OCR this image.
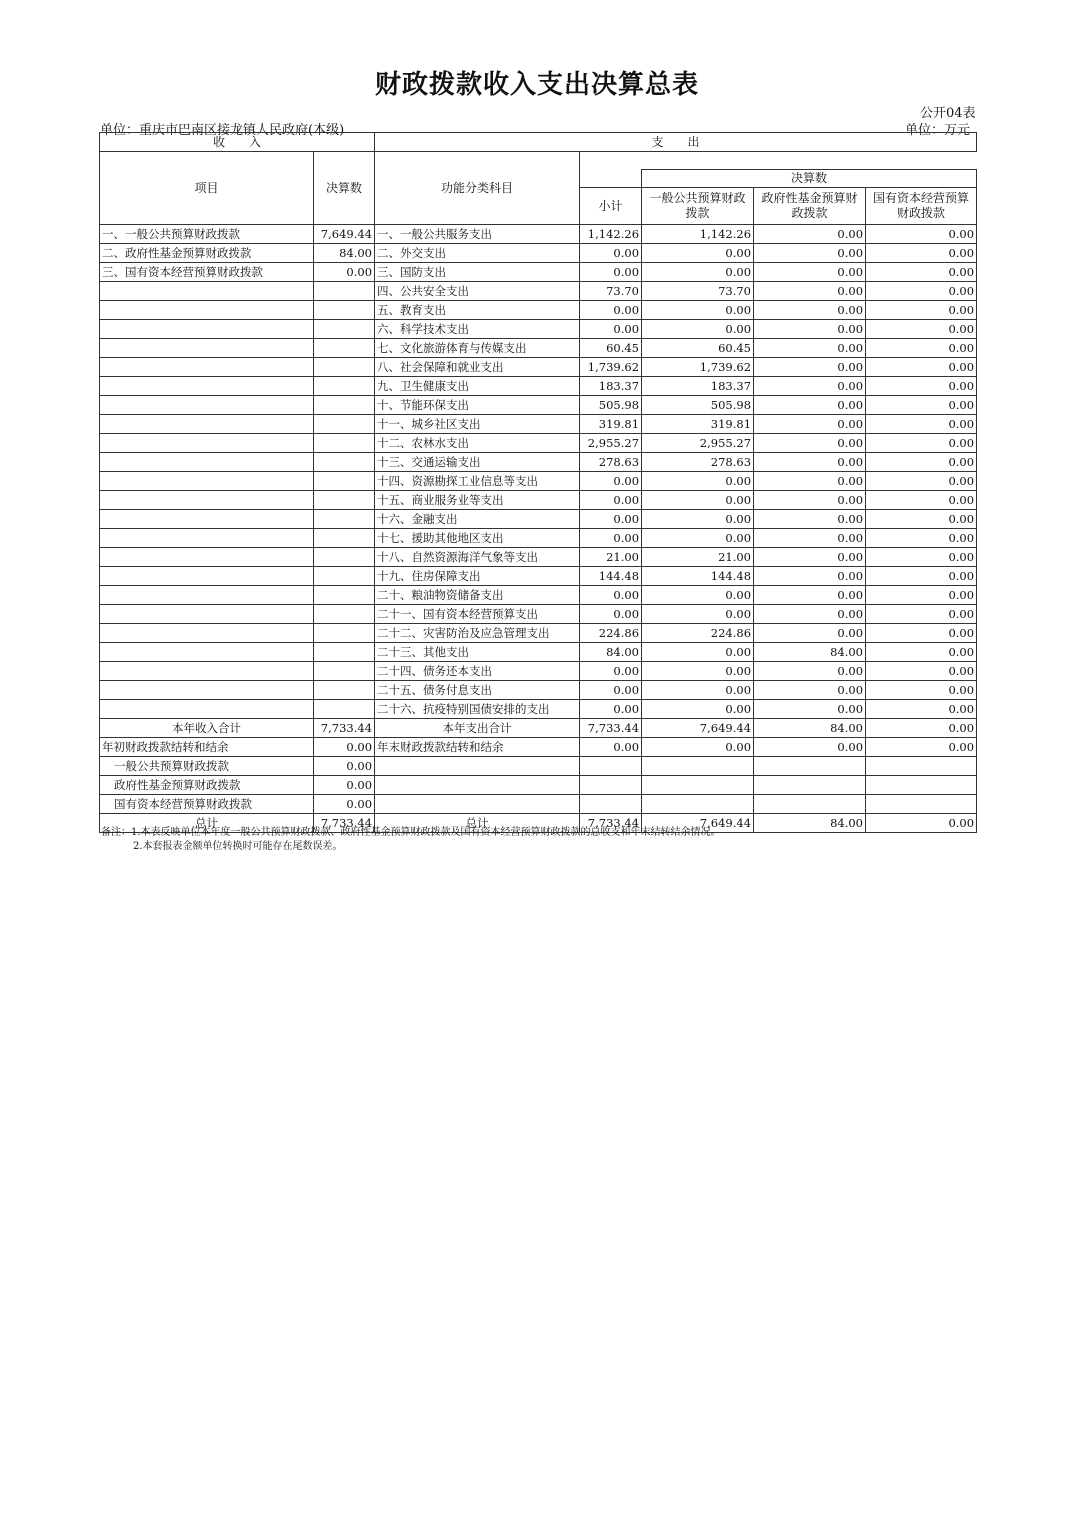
财政拨款收入支出决算总表
公开04表
单位：重庆市巴南区接龙镇人民政府(本级)	单位：万元
收　　入		支　　出				
项目	决算数	功能分类科目				
				决算数		
			小计	一般公共预算财政拨款	政府性基金预算财政拨款	国有资本经营预算财政拨款
一、一般公共预算财政拨款	7,649.44	一、一般公共服务支出	1,142.26	1,142.26	0.00	0.00
二、政府性基金预算财政拨款	84.00	二、外交支出	0.00	0.00	0.00	0.00
三、国有资本经营预算财政拨款	0.00	三、国防支出	0.00	0.00	0.00	0.00
		四、公共安全支出	73.70	73.70	0.00	0.00
		五、教育支出	0.00	0.00	0.00	0.00
		六、科学技术支出	0.00	0.00	0.00	0.00
		七、文化旅游体育与传媒支出	60.45	60.45	0.00	0.00
		八、社会保障和就业支出	1,739.62	1,739.62	0.00	0.00
		九、卫生健康支出	183.37	183.37	0.00	0.00
		十、节能环保支出	505.98	505.98	0.00	0.00
		十一、城乡社区支出	319.81	319.81	0.00	0.00
		十二、农林水支出	2,955.27	2,955.27	0.00	0.00
		十三、交通运输支出	278.63	278.63	0.00	0.00
		十四、资源勘探工业信息等支出	0.00	0.00	0.00	0.00
		十五、商业服务业等支出	0.00	0.00	0.00	0.00
		十六、金融支出	0.00	0.00	0.00	0.00
		十七、援助其他地区支出	0.00	0.00	0.00	0.00
		十八、自然资源海洋气象等支出	21.00	21.00	0.00	0.00
		十九、住房保障支出	144.48	144.48	0.00	0.00
		二十、粮油物资储备支出	0.00	0.00	0.00	0.00
		二十一、国有资本经营预算支出	0.00	0.00	0.00	0.00
		二十二、灾害防治及应急管理支出	224.86	224.86	0.00	0.00
		二十三、其他支出	84.00	0.00	84.00	0.00
		二十四、债务还本支出	0.00	0.00	0.00	0.00
		二十五、债务付息支出	0.00	0.00	0.00	0.00
		二十六、抗疫特别国债安排的支出	0.00	0.00	0.00	0.00
本年收入合计	7,733.44	本年支出合计	7,733.44	7,649.44	84.00	0.00
年初财政拨款结转和结余	0.00	年末财政拨款结转和结余	0.00	0.00	0.00	0.00
一般公共预算财政拨款	0.00					
政府性基金预算财政拨款	0.00					
国有资本经营预算财政拨款	0.00					
总计	7,733.44	总计	7,733.44	7,649.44	84.00	0.00
备注：1.本表反映单位本年度一般公共预算财政拨款、政府性基金预算财政拨款及国有资本经营预算财政拨款的总收支和年末结转结余情况。
2.本套报表金额单位转换时可能存在尾数误差。
